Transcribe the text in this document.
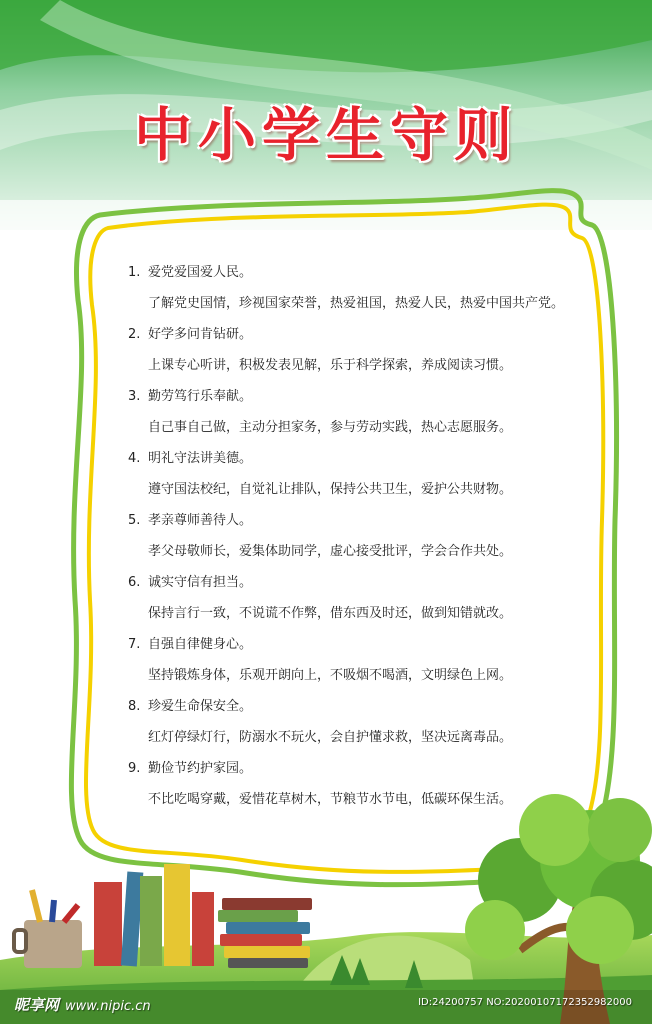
中小学生守则
1. 爱党爱国爱人民。
了解党史国情，珍视国家荣誉，热爱祖国，热爱人民，热爱中国共产党。
2. 好学多问肯钻研。
上课专心听讲，积极发表见解，乐于科学探索，养成阅读习惯。
3. 勤劳笃行乐奉献。
自己事自己做，主动分担家务，参与劳动实践，热心志愿服务。
4. 明礼守法讲美德。
遵守国法校纪，自觉礼让排队，保持公共卫生，爱护公共财物。
5. 孝亲尊师善待人。
孝父母敬师长，爱集体助同学，虚心接受批评，学会合作共处。
6. 诚实守信有担当。
保持言行一致，不说谎不作弊，借东西及时还，做到知错就改。
7. 自强自律健身心。
坚持锻炼身体，乐观开朗向上，不吸烟不喝酒，文明绿色上网。
8. 珍爱生命保安全。
红灯停绿灯行，防溺水不玩火，会自护懂求救，坚决远离毒品。
9. 勤俭节约护家园。
不比吃喝穿戴，爱惜花草树木，节粮节水节电，低碳环保生活。
昵享网 www.nipic.cn	ID:24200757 NO:20200107172352982000
